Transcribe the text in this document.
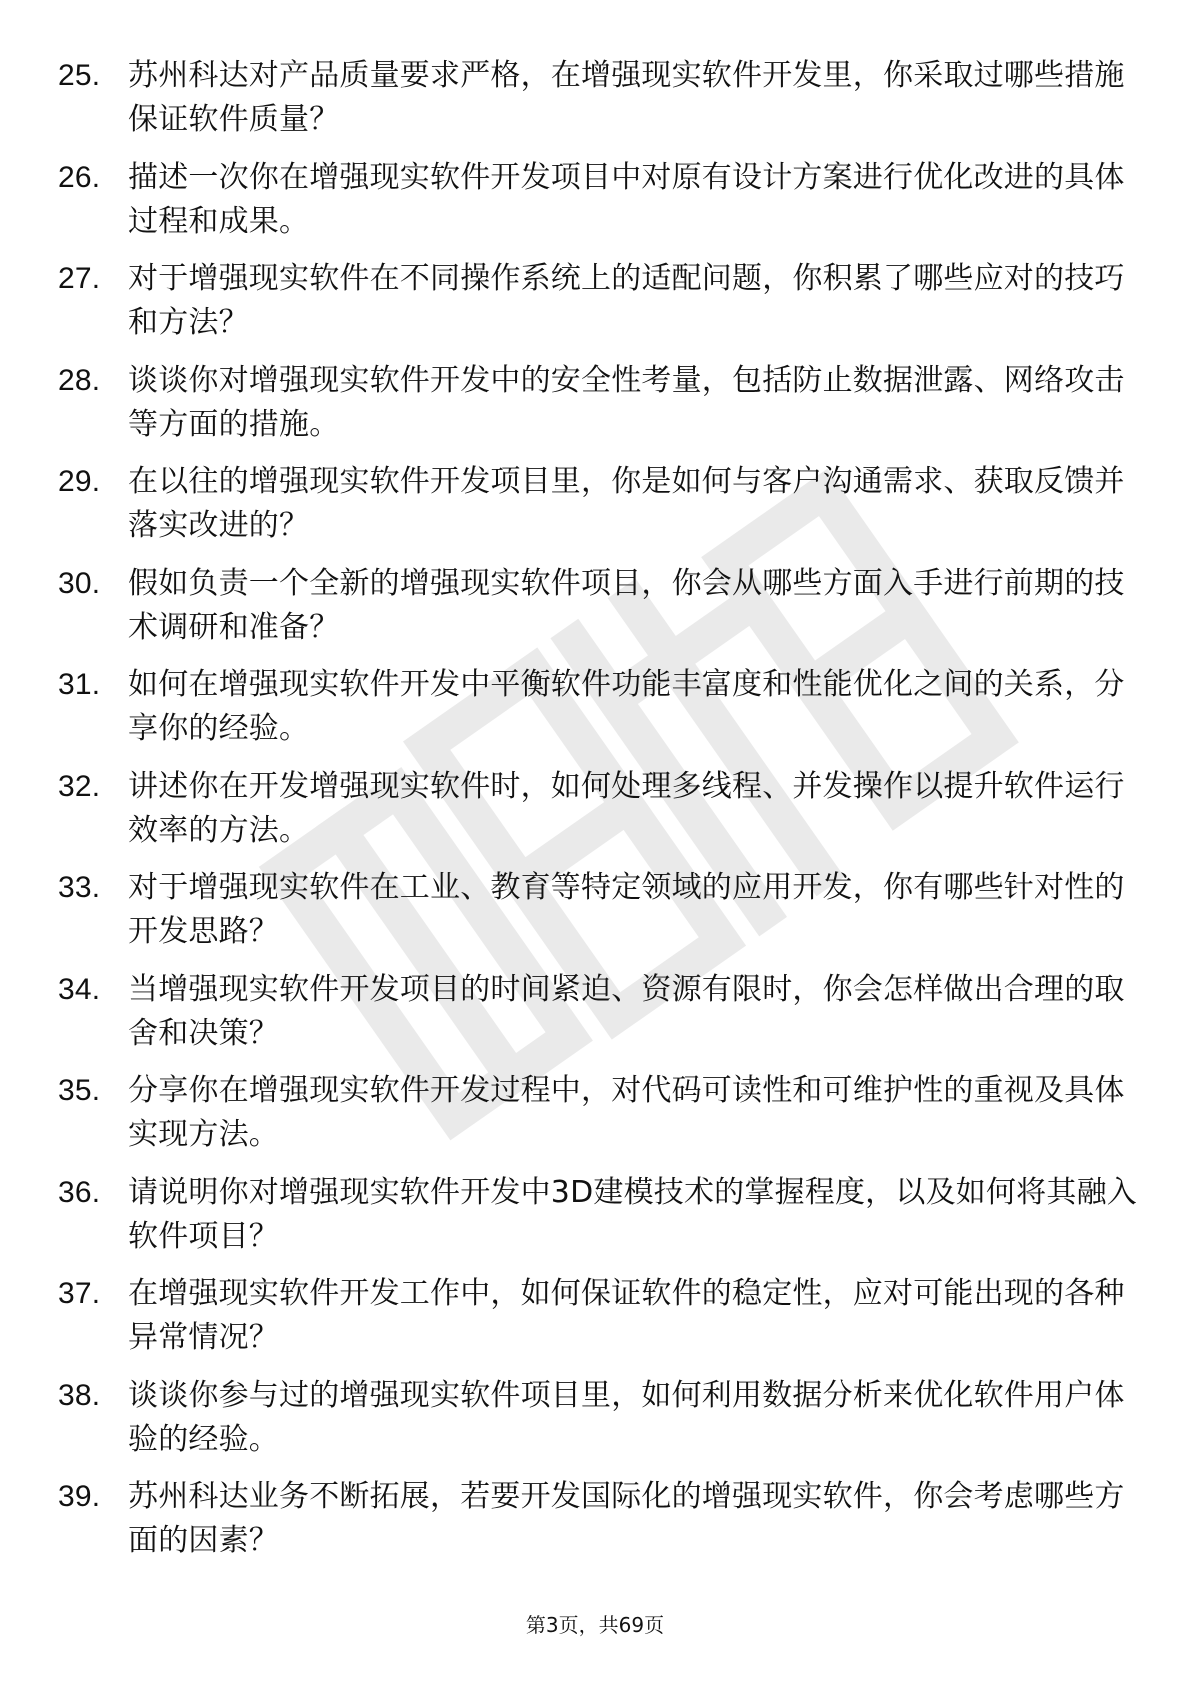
25. 苏州科达对产品质量要求严格，在增强现实软件开发里，你采取过哪些措施保证软件质量？
26. 描述一次你在增强现实软件开发项目中对原有设计方案进行优化改进的具体过程和成果。
27. 对于增强现实软件在不同操作系统上的适配问题，你积累了哪些应对的技巧和方法？
28. 谈谈你对增强现实软件开发中的安全性考量，包括防止数据泄露、网络攻击等方面的措施。
29. 在以往的增强现实软件开发项目里，你是如何与客户沟通需求、获取反馈并落实改进的？
30. 假如负责一个全新的增强现实软件项目，你会从哪些方面入手进行前期的技术调研和准备？
31. 如何在增强现实软件开发中平衡软件功能丰富度和性能优化之间的关系，分享你的经验。
32. 讲述你在开发增强现实软件时，如何处理多线程、并发操作以提升软件运行效率的方法。
33. 对于增强现实软件在工业、教育等特定领域的应用开发，你有哪些针对性的开发思路？
34. 当增强现实软件开发项目的时间紧迫、资源有限时，你会怎样做出合理的取舍和决策？
35. 分享你在增强现实软件开发过程中，对代码可读性和可维护性的重视及具体实现方法。
36. 请说明你对增强现实软件开发中3D建模技术的掌握程度，以及如何将其融入软件项目？
37. 在增强现实软件开发工作中，如何保证软件的稳定性，应对可能出现的各种异常情况？
38. 谈谈你参与过的增强现实软件项目里，如何利用数据分析来优化软件用户体验的经验。
39. 苏州科达业务不断拓展，若要开发国际化的增强现实软件，你会考虑哪些方面的因素？
第3页，共69页
